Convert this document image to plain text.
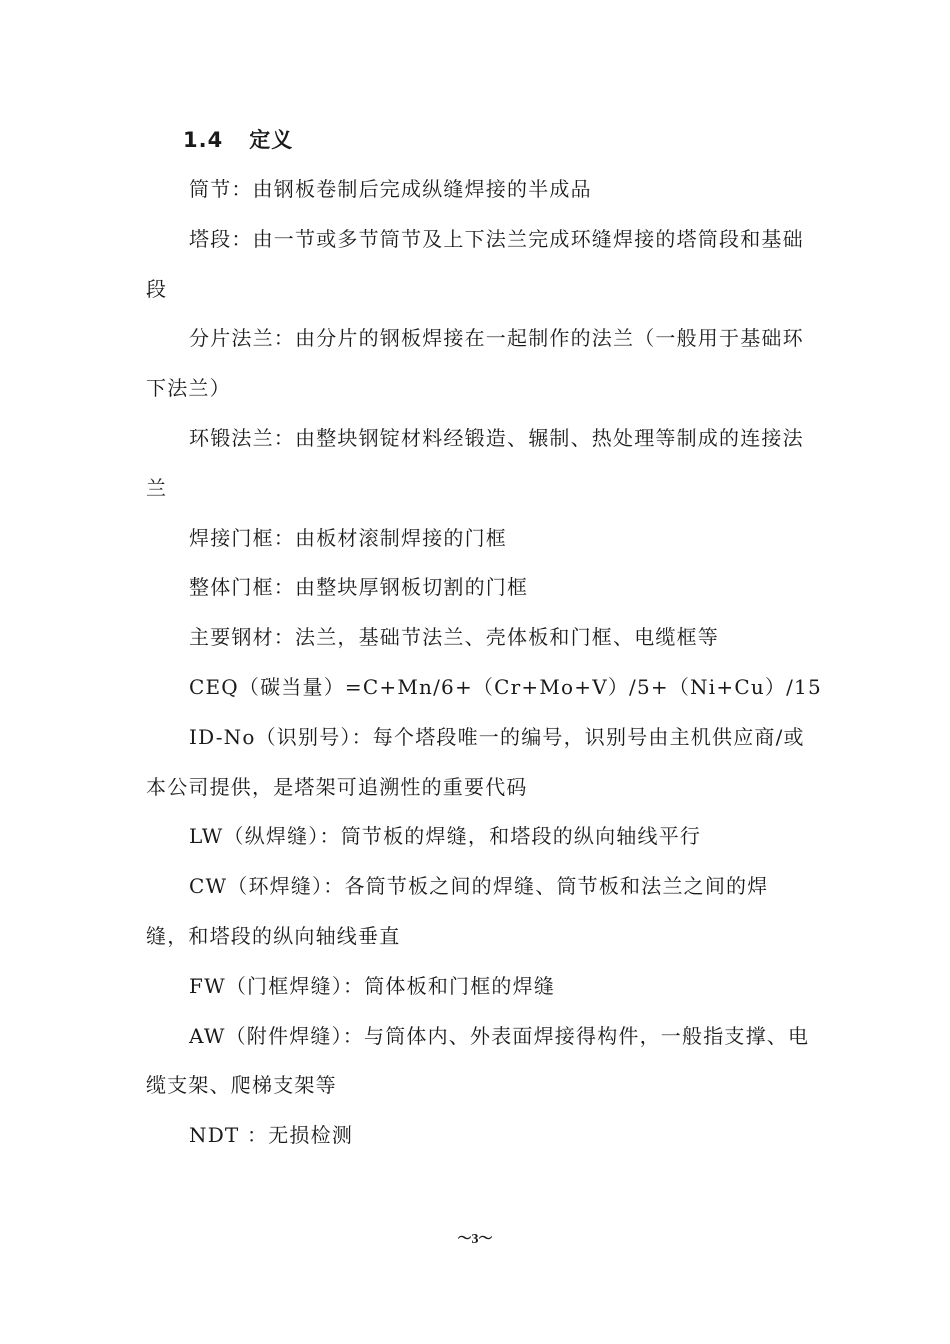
1.4 定义

筒节：由钢板卷制后完成纵缝焊接的半成品

塔段：由一节或多节筒节及上下法兰完成环缝焊接的塔筒段和基础段

分片法兰：由分片的钢板焊接在一起制作的法兰（一般用于基础环下法兰）

环锻法兰：由整块钢锭材料经锻造、辗制、热处理等制成的连接法兰

焊接门框：由板材滚制焊接的门框

整体门框：由整块厚钢板切割的门框

主要钢材：法兰，基础节法兰、壳体板和门框、电缆框等

CEQ（碳当量）=C+Mn/6+（Cr+Mo+V）/5+（Ni+Cu）/15

ID-No（识别号）：每个塔段唯一的编号，识别号由主机供应商/或本公司提供，是塔架可追溯性的重要代码

LW（纵焊缝）：筒节板的焊缝，和塔段的纵向轴线平行

CW（环焊缝）：各筒节板之间的焊缝、筒节板和法兰之间的焊缝，和塔段的纵向轴线垂直

FW（门框焊缝）：筒体板和门框的焊缝

AW（附件焊缝）：与筒体内、外表面焊接得构件，一般指支撑、电缆支架、爬梯支架等

NDT ：无损检测

～3～
